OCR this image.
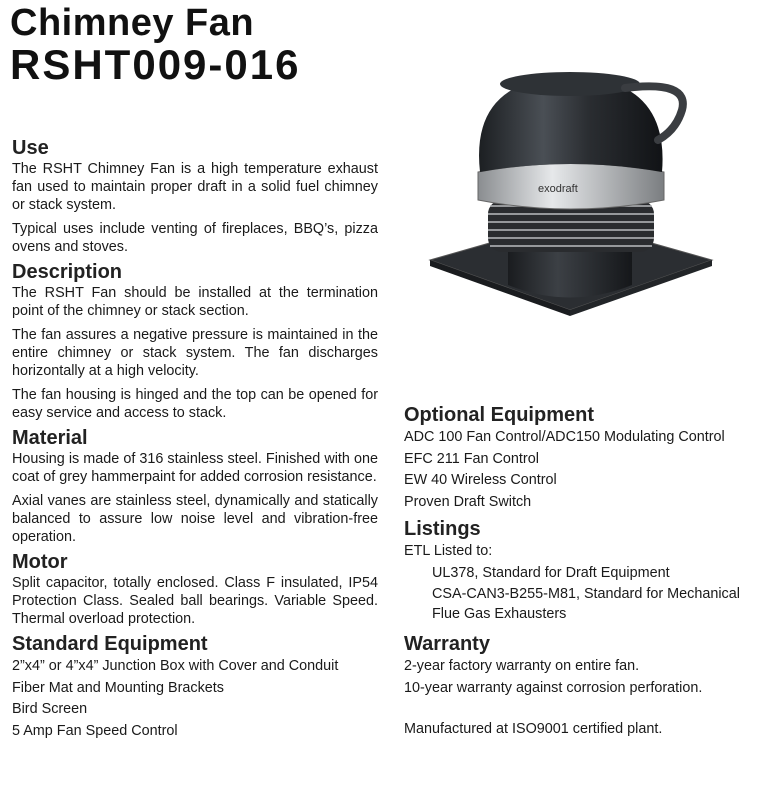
Chimney Fan
RSHT009-016
exodraft
Use

The RSHT Chimney Fan is a high temperature exhaust fan used to maintain proper draft in a solid fuel chimney or stack system.

Typical uses include venting of fireplaces, BBQ’s, pizza ovens and stoves.

Description

The RSHT Fan should be installed at the termination point of the chimney or stack section.

The fan assures a negative pressure is maintained in the entire chimney or stack system. The fan discharges horizontally at a high velocity.

The fan housing is hinged and the top can be opened for easy service and access to stack.

Material

Housing is made of 316 stainless steel. Finished with one coat of grey hammerpaint for added corrosion resistance.

Axial vanes are stainless steel, dynamically and statically balanced to assure low noise level and vibration-free operation.

Motor

Split capacitor, totally enclosed. Class F insulated, IP54 Protection Class. Sealed ball bearings. Variable Speed. Thermal overload protection.

Standard Equipment
2”x4” or 4”x4” Junction Box with Cover and Conduit
Fiber Mat and Mounting Brackets
Bird Screen
5 Amp Fan Speed Control
Optional Equipment
ADC 100 Fan Control/ADC150 Modulating Control
EFC 211 Fan Control
EW 40 Wireless Control
Proven Draft Switch
Listings
ETL Listed to:
UL378, Standard for Draft Equipment
CSA-CAN3-B255-M81, Standard for Mechanical Flue Gas Exhausters
Warranty
2-year factory warranty on entire fan.
10-year warranty against corrosion perforation.
Manufactured at ISO9001 certified plant.
